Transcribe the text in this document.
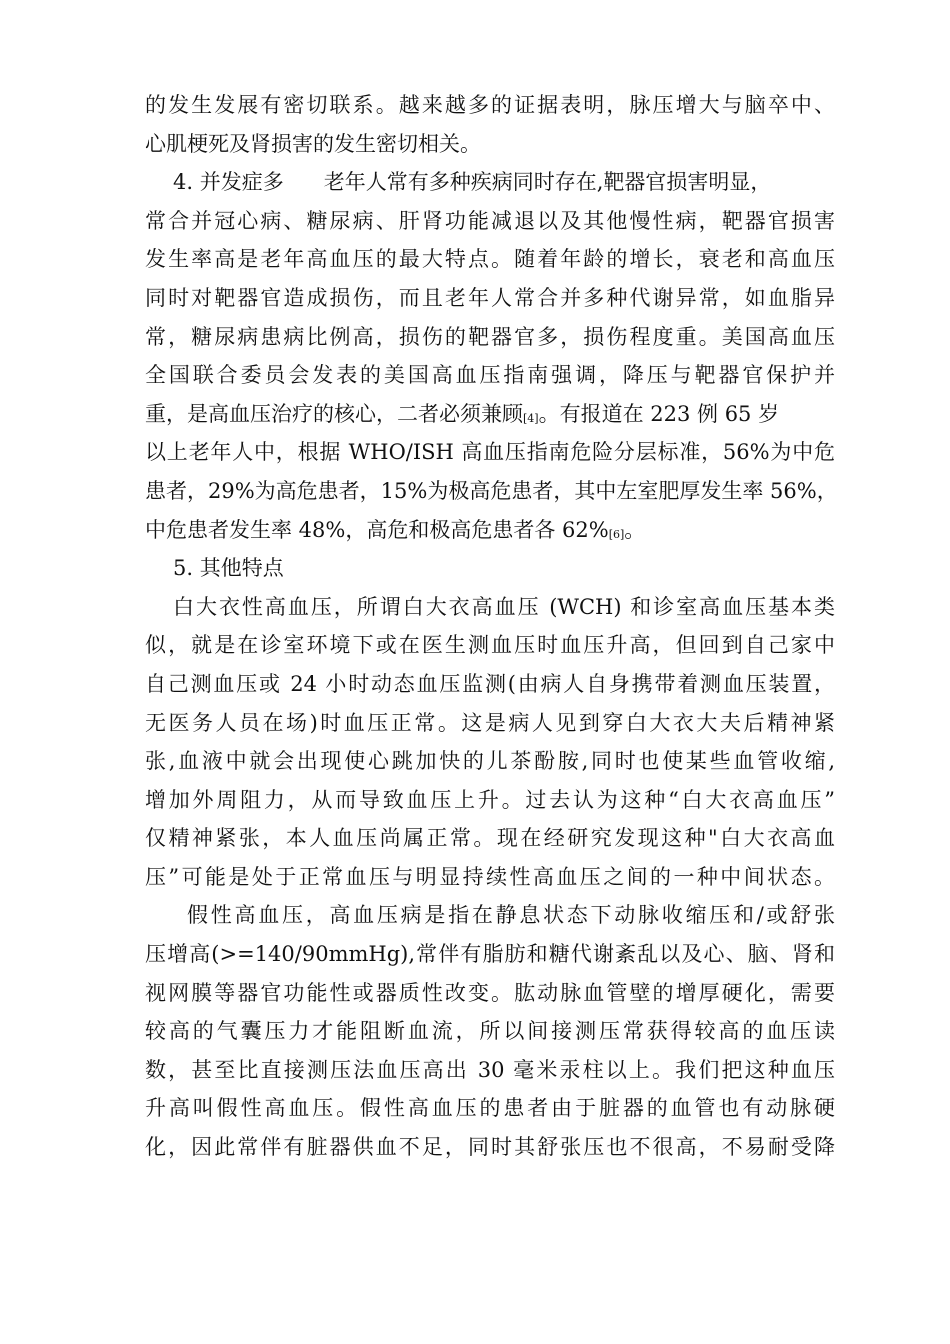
的发生发展有密切联系。越来越多的证据表明，脉压增大与脑卒中、
心肌梗死及肾损害的发生密切相关。
4. 并发症多 老年人常有多种疾病同时存在,靶器官损害明显，
常合并冠心病、糖尿病、肝肾功能减退以及其他慢性病，靶器官损害
发生率高是老年高血压的最大特点。随着年龄的增长，衰老和高血压
同时对靶器官造成损伤，而且老年人常合并多种代谢异常，如血脂异
常，糖尿病患病比例高，损伤的靶器官多，损伤程度重。美国高血压
全国联合委员会发表的美国高血压指南强调，降压与靶器官保护并
重，是高血压治疗的核心，二者必须兼顾[4]。有报道在 223 例 65 岁
以上老年人中，根据 WHO/ISH 高血压指南危险分层标准，56%为中危
患者，29%为高危患者，15%为极高危患者，其中左室肥厚发生率 56%，
中危患者发生率 48%，高危和极高危患者各 62%[6]。
5. 其他特点
白大衣性高血压，所谓白大衣高血压 (WCH) 和诊室高血压基本类
似，就是在诊室环境下或在医生测血压时血压升高，但回到自己家中
自己测血压或 24 小时动态血压监测(由病人自身携带着测血压装置，
无医务人员在场)时血压正常。这是病人见到穿白大衣大夫后精神紧
张,血液中就会出现使心跳加快的儿茶酚胺,同时也使某些血管收缩,
增加外周阻力，从而导致血压上升。过去认为这种“白大衣高血压”
仅精神紧张，本人血压尚属正常。现在经研究发现这种"白大衣高血
压”可能是处于正常血压与明显持续性高血压之间的一种中间状态。
假性高血压，高血压病是指在静息状态下动脉收缩压和/或舒张
压增高(>=140/90mmHg),常伴有脂肪和糖代谢紊乱以及心、脑、肾和
视网膜等器官功能性或器质性改变。肱动脉血管壁的增厚硬化，需要
较高的气囊压力才能阻断血流，所以间接测压常获得较高的血压读
数，甚至比直接测压法血压高出 30 毫米汞柱以上。我们把这种血压
升高叫假性高血压。假性高血压的患者由于脏器的血管也有动脉硬
化，因此常伴有脏器供血不足，同时其舒张压也不很高，不易耐受降
